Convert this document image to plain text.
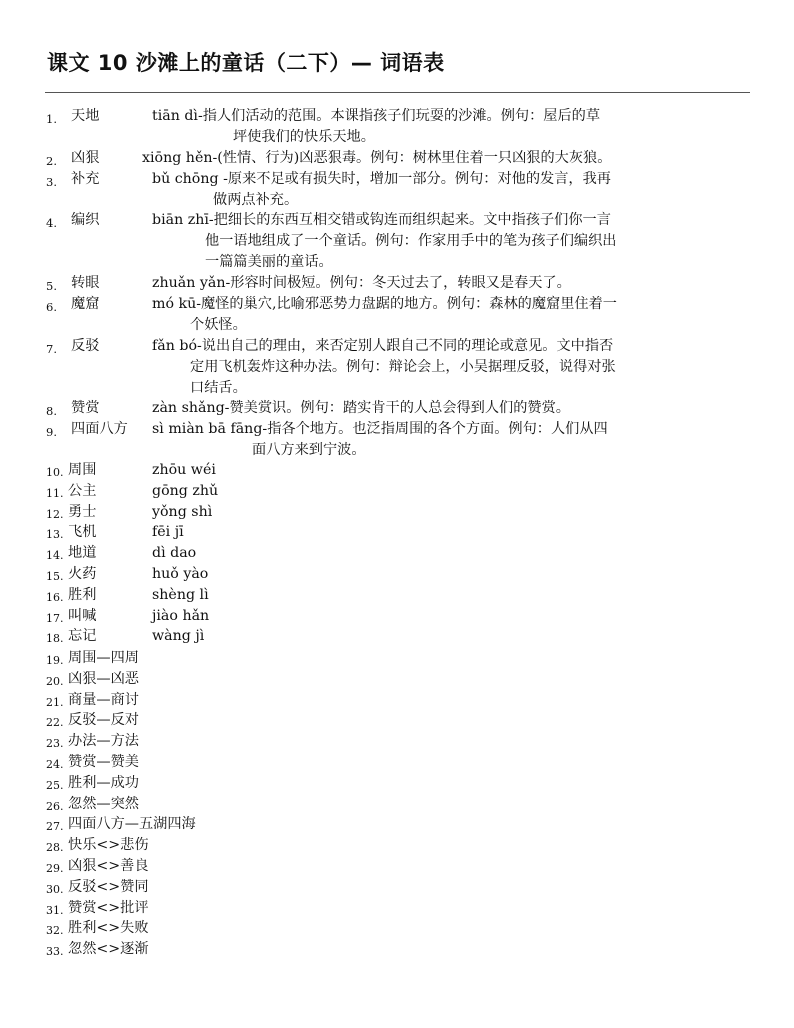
课文 10 沙滩上的童话（二下）— 词语表
1. 天地	tiān dì-指人们活动的范围。本课指孩子们玩耍的沙滩。例句：屋后的草
坪使我们的快乐天地。
2. 凶狠	xiōng hěn-(性情、行为)凶恶狠毒。例句：树林里住着一只凶狠的大灰狼。
3. 补充	bǔ chōng -原来不足或有损失时，增加一部分。例句：对他的发言，我再
做两点补充。
4. 编织	biān zhī-把细长的东西互相交错或钩连而组织起来。文中指孩子们你一言
他一语地组成了一个童话。例句：作家用手中的笔为孩子们编织出
一篇篇美丽的童话。
5. 转眼	zhuǎn yǎn-形容时间极短。例句：冬天过去了，转眼又是春天了。
6. 魔窟	mó kū-魔怪的巢穴,比喻邪恶势力盘踞的地方。例句：森林的魔窟里住着一
个妖怪。
7. 反驳	fǎn bó-说出自己的理由，来否定别人跟自己不同的理论或意见。文中指否
定用飞机轰炸这种办法。例句：辩论会上，小吴据理反驳，说得对张
口结舌。
8. 赞赏	zàn shǎng-赞美赏识。例句：踏实肯干的人总会得到人们的赞赏。
9. 四面八方 sì miàn bā fāng-指各个地方。也泛指周围的各个方面。例句：人们从四
面八方来到宁波。
10. 周围	zhōu wéi
11. 公主	gōng zhǔ
12. 勇士	yǒng shì
13. 飞机	fēi jī
14. 地道	dì dao
15. 火药	huǒ yào
16. 胜利	shèng lì
17. 叫喊	jiào hǎn
18. 忘记	wàng jì
19. 周围—四周
20. 凶狠—凶恶
21. 商量—商讨
22. 反驳—反对
23. 办法—方法
24. 赞赏—赞美
25. 胜利—成功
26. 忽然—突然
27. 四面八方—五湖四海
28. 快乐<>悲伤
29. 凶狠<>善良
30. 反驳<>赞同
31. 赞赏<>批评
32. 胜利<>失败
33. 忽然<>逐渐
